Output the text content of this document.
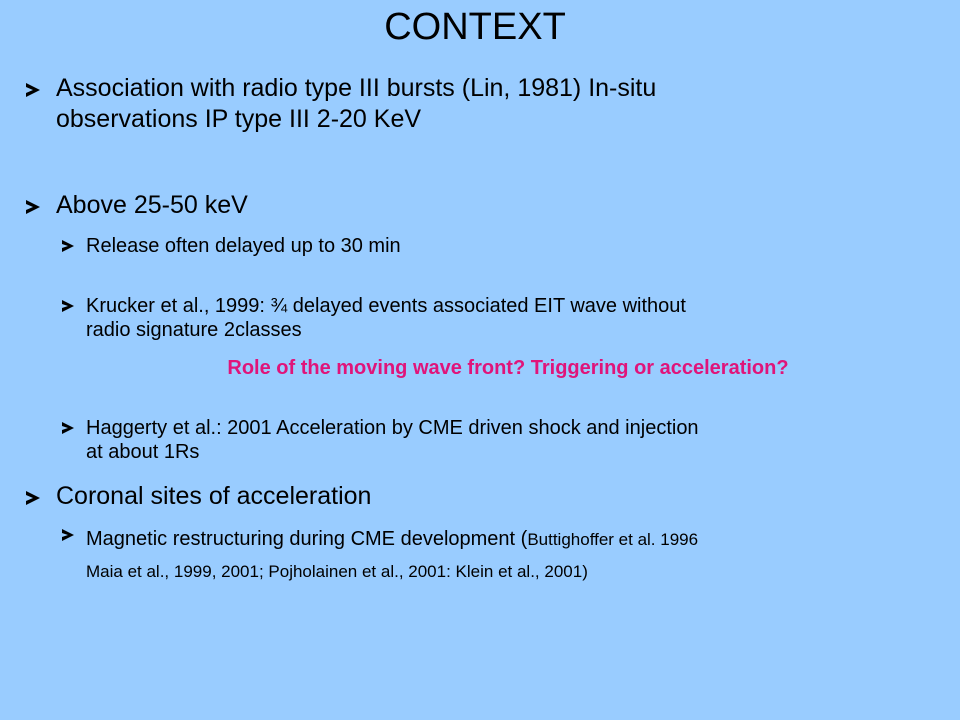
CONTEXT
Association with radio type III bursts (Lin, 1981) In-situ
observations IP type III 2-20 KeV
Above 25-50 keV
Release often delayed up to 30 min
Krucker et al., 1999: ¾ delayed events associated EIT wave without
radio signature 2classes
Role of the moving wave front? Triggering or acceleration?
Haggerty et al.: 2001 Acceleration by CME driven shock and injection
at about 1Rs
Coronal sites of acceleration
Magnetic restructuring during CME development (Buttighoffer et al. 1996
Maia et al., 1999, 2001; Pojholainen et al., 2001: Klein et al., 2001)
